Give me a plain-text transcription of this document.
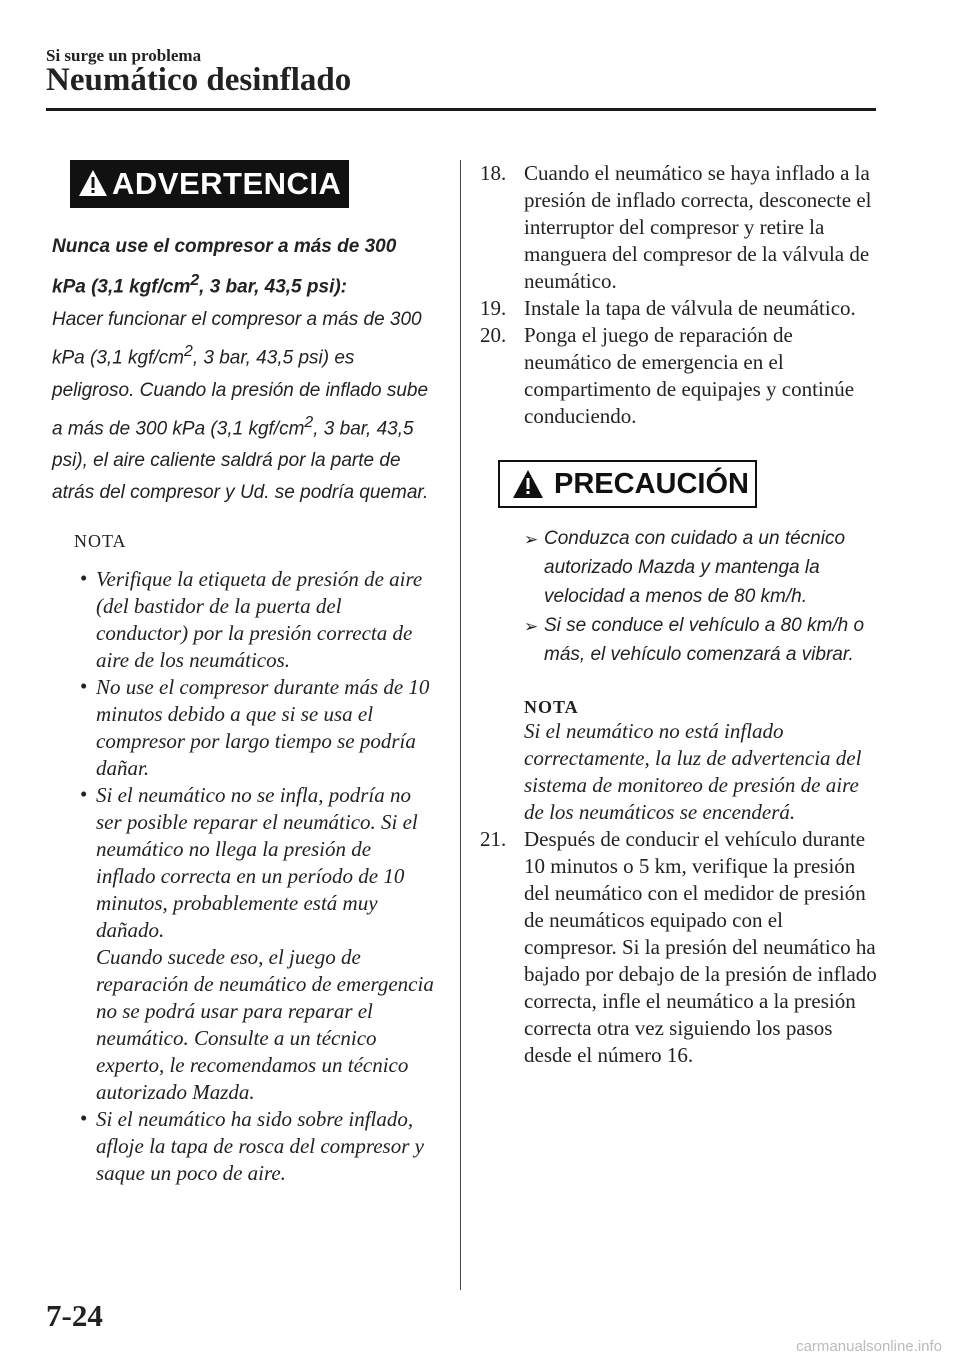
Si surge un problema
Neumático desinflado
ADVERTENCIA
Nunca use el compresor a más de 300 kPa (3,1 kgf/$cm^2$, 3 bar, 43,5 psi):
Hacer funcionar el compresor a más de 300 kPa (3,1 kgf/$cm^2$, 3 bar, 43,5 psi) es peligroso. Cuando la presión de inflado sube a más de 300 kPa (3,1 kgf/$cm^2$, 3 bar, 43,5 psi), el aire caliente saldrá por la parte de atrás del compresor y Ud. se podría quemar.
NOTA
• Verifique la etiqueta de presión de aire (del bastidor de la puerta del conductor) por la presión correcta de aire de los neumáticos.
• No use el compresor durante más de 10 minutos debido a que si se usa el compresor por largo tiempo se podría dañar.
• Si el neumático no se infla, podría no ser posible reparar el neumático. Si el neumático no llega la presión de inflado correcta en un período de 10 minutos, probablemente está muy dañado.
Cuando sucede eso, el juego de reparación de neumático de emergencia no se podrá usar para reparar el neumático. Consulte a un técnico experto, le recomendamos un técnico autorizado Mazda.
• Si el neumático ha sido sobre inflado, afloje la tapa de rosca del compresor y saque un poco de aire.
18. Cuando el neumático se haya inflado a la presión de inflado correcta, desconecte el interruptor del compresor y retire la manguera del compresor de la válvula de neumático.
19. Instale la tapa de válvula de neumático.
20. Ponga el juego de reparación de neumático de emergencia en el compartimento de equipajes y continúe conduciendo.
PRECAUCIÓN
➢ Conduzca con cuidado a un técnico autorizado Mazda y mantenga la velocidad a menos de 80 km/h.
➢ Si se conduce el vehículo a 80 km/h o más, el vehículo comenzará a vibrar.
NOTA
Si el neumático no está inflado correctamente, la luz de advertencia del sistema de monitoreo de presión de aire de los neumáticos se encenderá.
21. Después de conducir el vehículo durante 10 minutos o 5 km, verifique la presión del neumático con el medidor de presión de neumáticos equipado con el compresor. Si la presión del neumático ha bajado por debajo de la presión de inflado correcta, infle el neumático a la presión correcta otra vez siguiendo los pasos desde el número 16.
7-24
carmanualsonline.info
